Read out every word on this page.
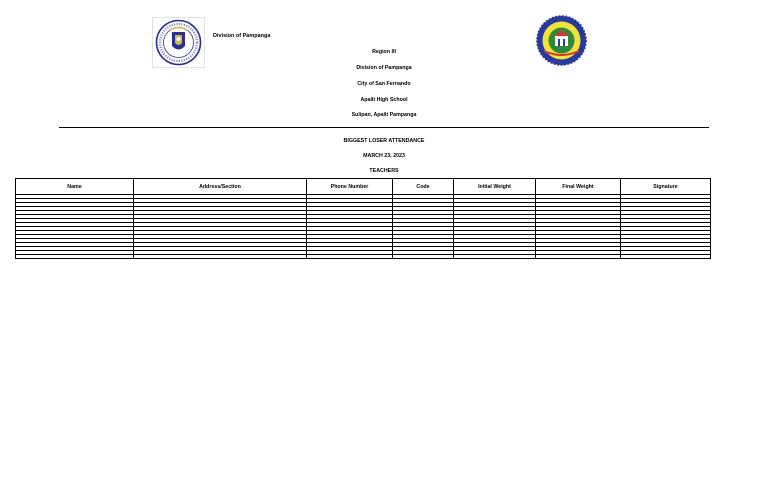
Division of Pampanga
Region III
Division of Pampanga
City of San Fernando
Apalit High School
Sulipan, Apalit Pampanga
BIGGEST LOSER ATTENDANCE
MARCH 23, 2023
TEACHERS
Name	Address/Section	Phone Number	Code	Initial Weight	Final Weight	Signature
